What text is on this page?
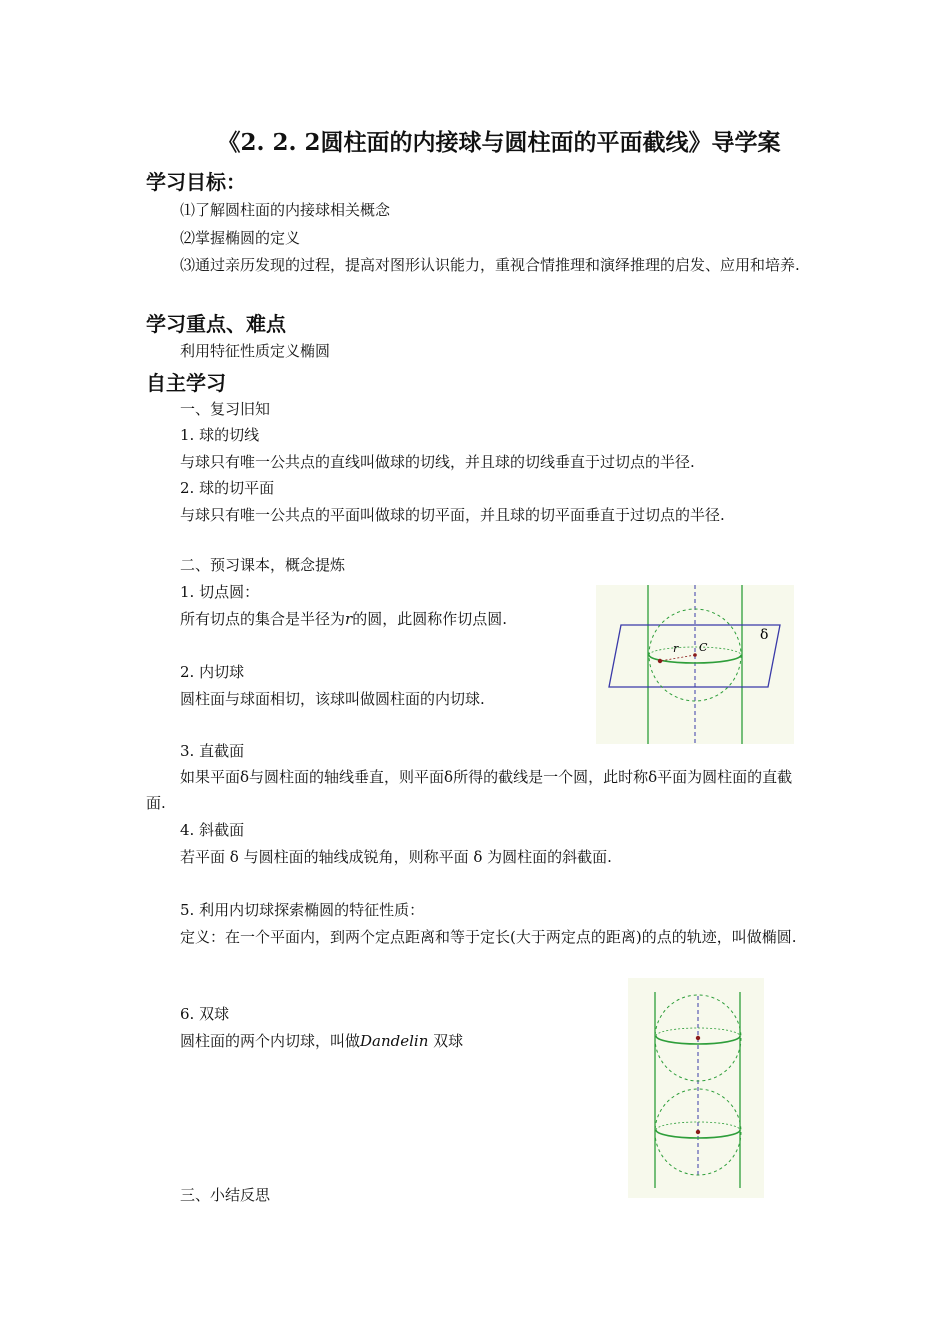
《2. 2. 2圆柱面的内接球与圆柱面的平面截线》导学案
学习目标：
⑴了解圆柱面的内接球相关概念
⑵掌握椭圆的定义
⑶通过亲历发现的过程，提高对图形认识能力，重视合情推理和演绎推理的启发、应用和培养.
学习重点、难点
利用特征性质定义椭圆
自主学习
一、复习旧知
1. 球的切线
与球只有唯一公共点的直线叫做球的切线，并且球的切线垂直于过切点的半径.
2. 球的切平面
与球只有唯一公共点的平面叫做球的切平面，并且球的切平面垂直于过切点的半径.
二、预习课本，概念提炼
1. 切点圆：
所有切点的集合是半径为r的圆，此圆称作切点圆.
2. 内切球
圆柱面与球面相切，该球叫做圆柱面的内切球.
3. 直截面
如果平面δ与圆柱面的轴线垂直，则平面δ所得的截线是一个圆，此时称δ平面为圆柱面的直截面.
4. 斜截面
若平面 δ 与圆柱面的轴线成锐角，则称平面 δ 为圆柱面的斜截面.
5. 利用内切球探索椭圆的特征性质：
定义：在一个平面内，到两个定点距离和等于定长(大于两定点的距离)的点的轨迹，叫做椭圆.
6. 双球
圆柱面的两个内切球，叫做Dandelin 双球
三、小结反思
δ
r C
